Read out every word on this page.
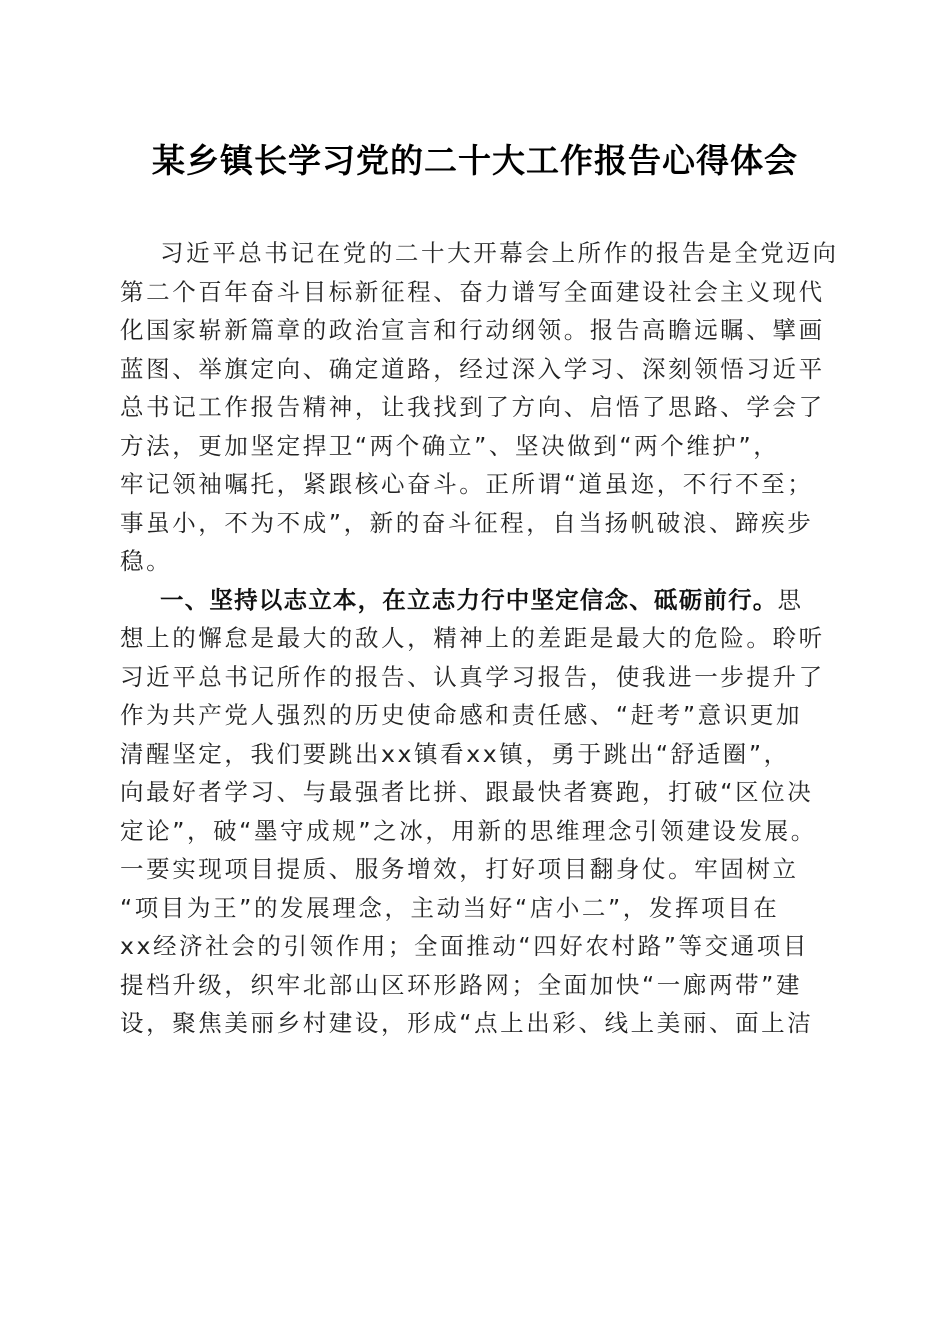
某乡镇长学习党的二十大工作报告心得体会
习近平总书记在党的二十大开幕会上所作的报告是全党迈向
第二个百年奋斗目标新征程、奋力谱写全面建设社会主义现代
化国家崭新篇章的政治宣言和行动纲领。报告高瞻远瞩、擘画
蓝图、举旗定向、确定道路，经过深入学习、深刻领悟习近平
总书记工作报告精神，让我找到了方向、启悟了思路、学会了
方法，更加坚定捍卫“两个确立”、坚决做到“两个维护”，
牢记领袖嘱托，紧跟核心奋斗。正所谓“道虽迩，不行不至；
事虽小，不为不成”，新的奋斗征程，自当扬帆破浪、蹄疾步
稳。
一、坚持以志立本，在立志力行中坚定信念、砥砺前行。思
想上的懈怠是最大的敌人，精神上的差距是最大的危险。聆听
习近平总书记所作的报告、认真学习报告，使我进一步提升了
作为共产党人强烈的历史使命感和责任感、“赶考”意识更加
清醒坚定，我们要跳出xx镇看xx镇，勇于跳出“舒适圈”，
向最好者学习、与最强者比拼、跟最快者赛跑，打破“区位决
定论”，破“墨守成规”之冰，用新的思维理念引领建设发展。
一要实现项目提质、服务增效，打好项目翻身仗。牢固树立
“项目为王”的发展理念，主动当好“店小二”，发挥项目在
xx经济社会的引领作用；全面推动“四好农村路”等交通项目
提档升级，织牢北部山区环形路网；全面加快“一廊两带”建
设，聚焦美丽乡村建设，形成“点上出彩、线上美丽、面上洁
